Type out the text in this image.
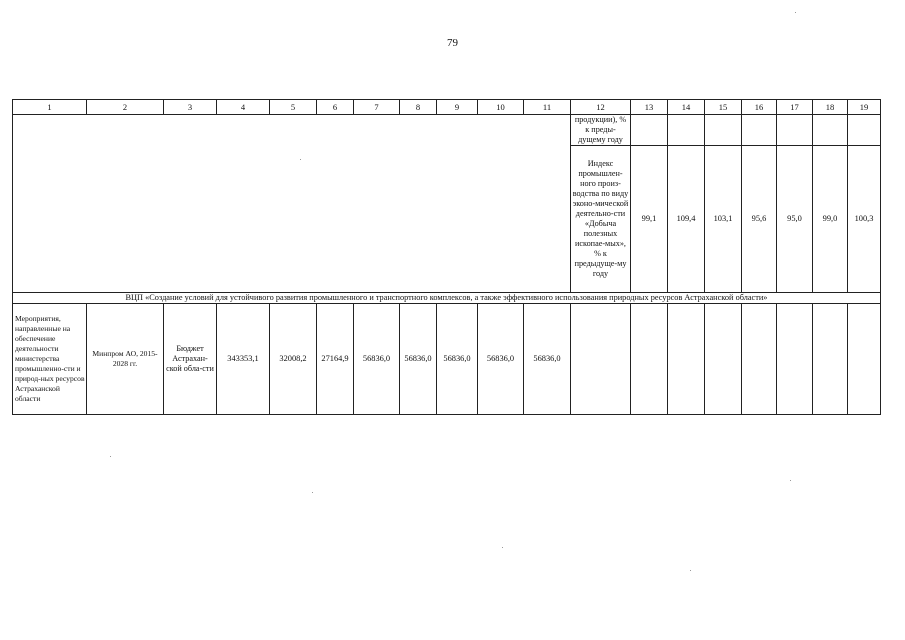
79
1	2	3	4	5	6	7	8	9	10	11	12	13	14	15	16	17	18	19
											продукции), % к преды-дущему году							
											Индекс промышлен-ного произ-водства по виду эконо-мической деятельно-сти «Добыча полезных ископае-мых», % к предыдуще-му году	99,1	109,4	103,1	95,6	95,0	99,0	100,3
ВЦП «Создание условий для устойчивого развития промышленного и транспортного комплексов, а также эффективного использования природных ресурсов Астраханской области»																		
Мероприятия, направленные на обеспечение деятельности министерства промышленно-сти и природ-ных ресурсов Астраханской области	Минпром АО, 2015-2028 гг.	Бюджет Астрахан-ской обла-сти	343353,1	32008,2	27164,9	56836,0	56836,0	56836,0	56836,0	56836,0								
